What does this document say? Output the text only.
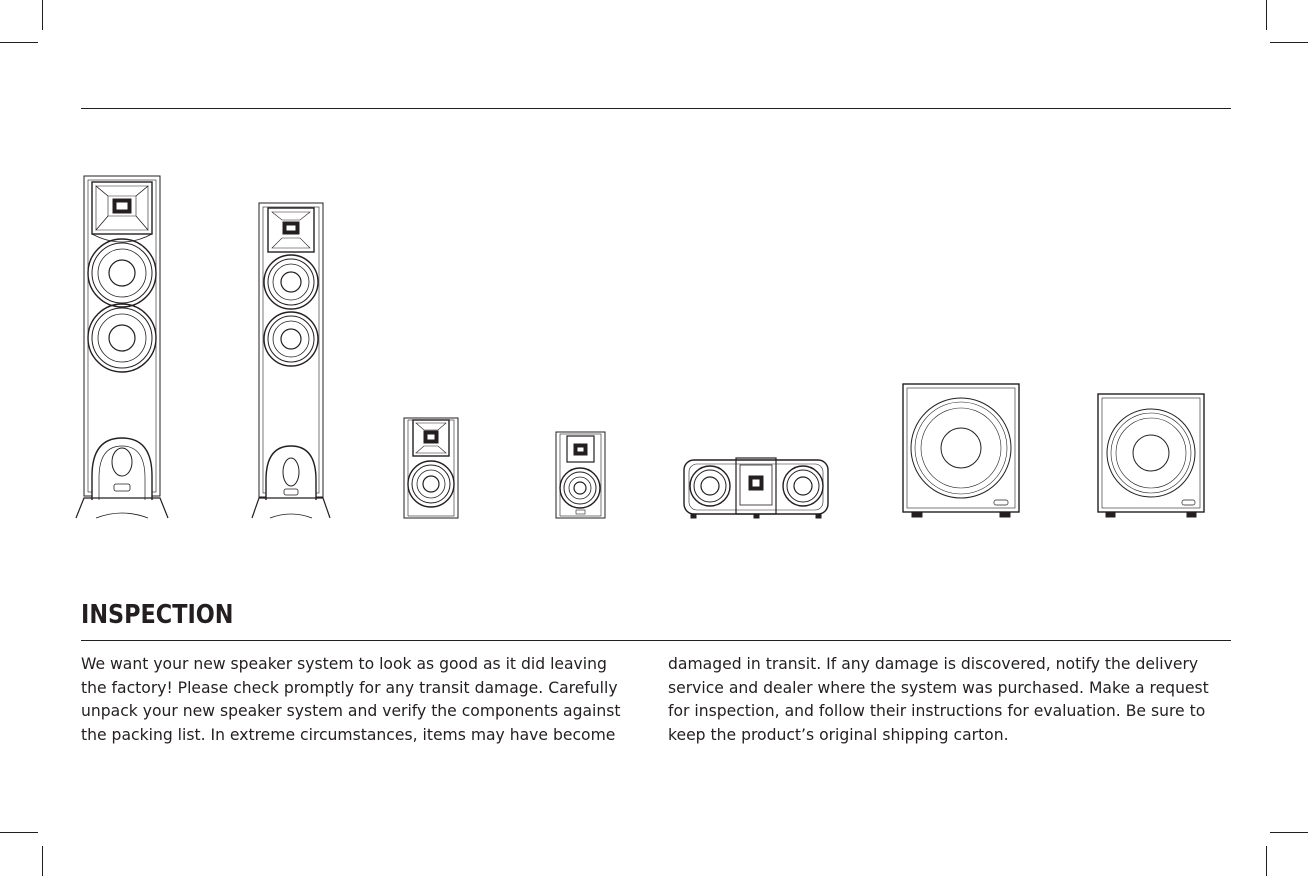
INSPECTION

We want your new speaker system to look as good as it did leaving
the factory! Please check promptly for any transit damage. Carefully
unpack your new speaker system and verify the components against
the packing list. In extreme circumstances, items may have become

damaged in transit. If any damage is discovered, notify the delivery
service and dealer where the system was purchased. Make a request
for inspection, and follow their instructions for evaluation. Be sure to
keep the product’s original shipping carton.
